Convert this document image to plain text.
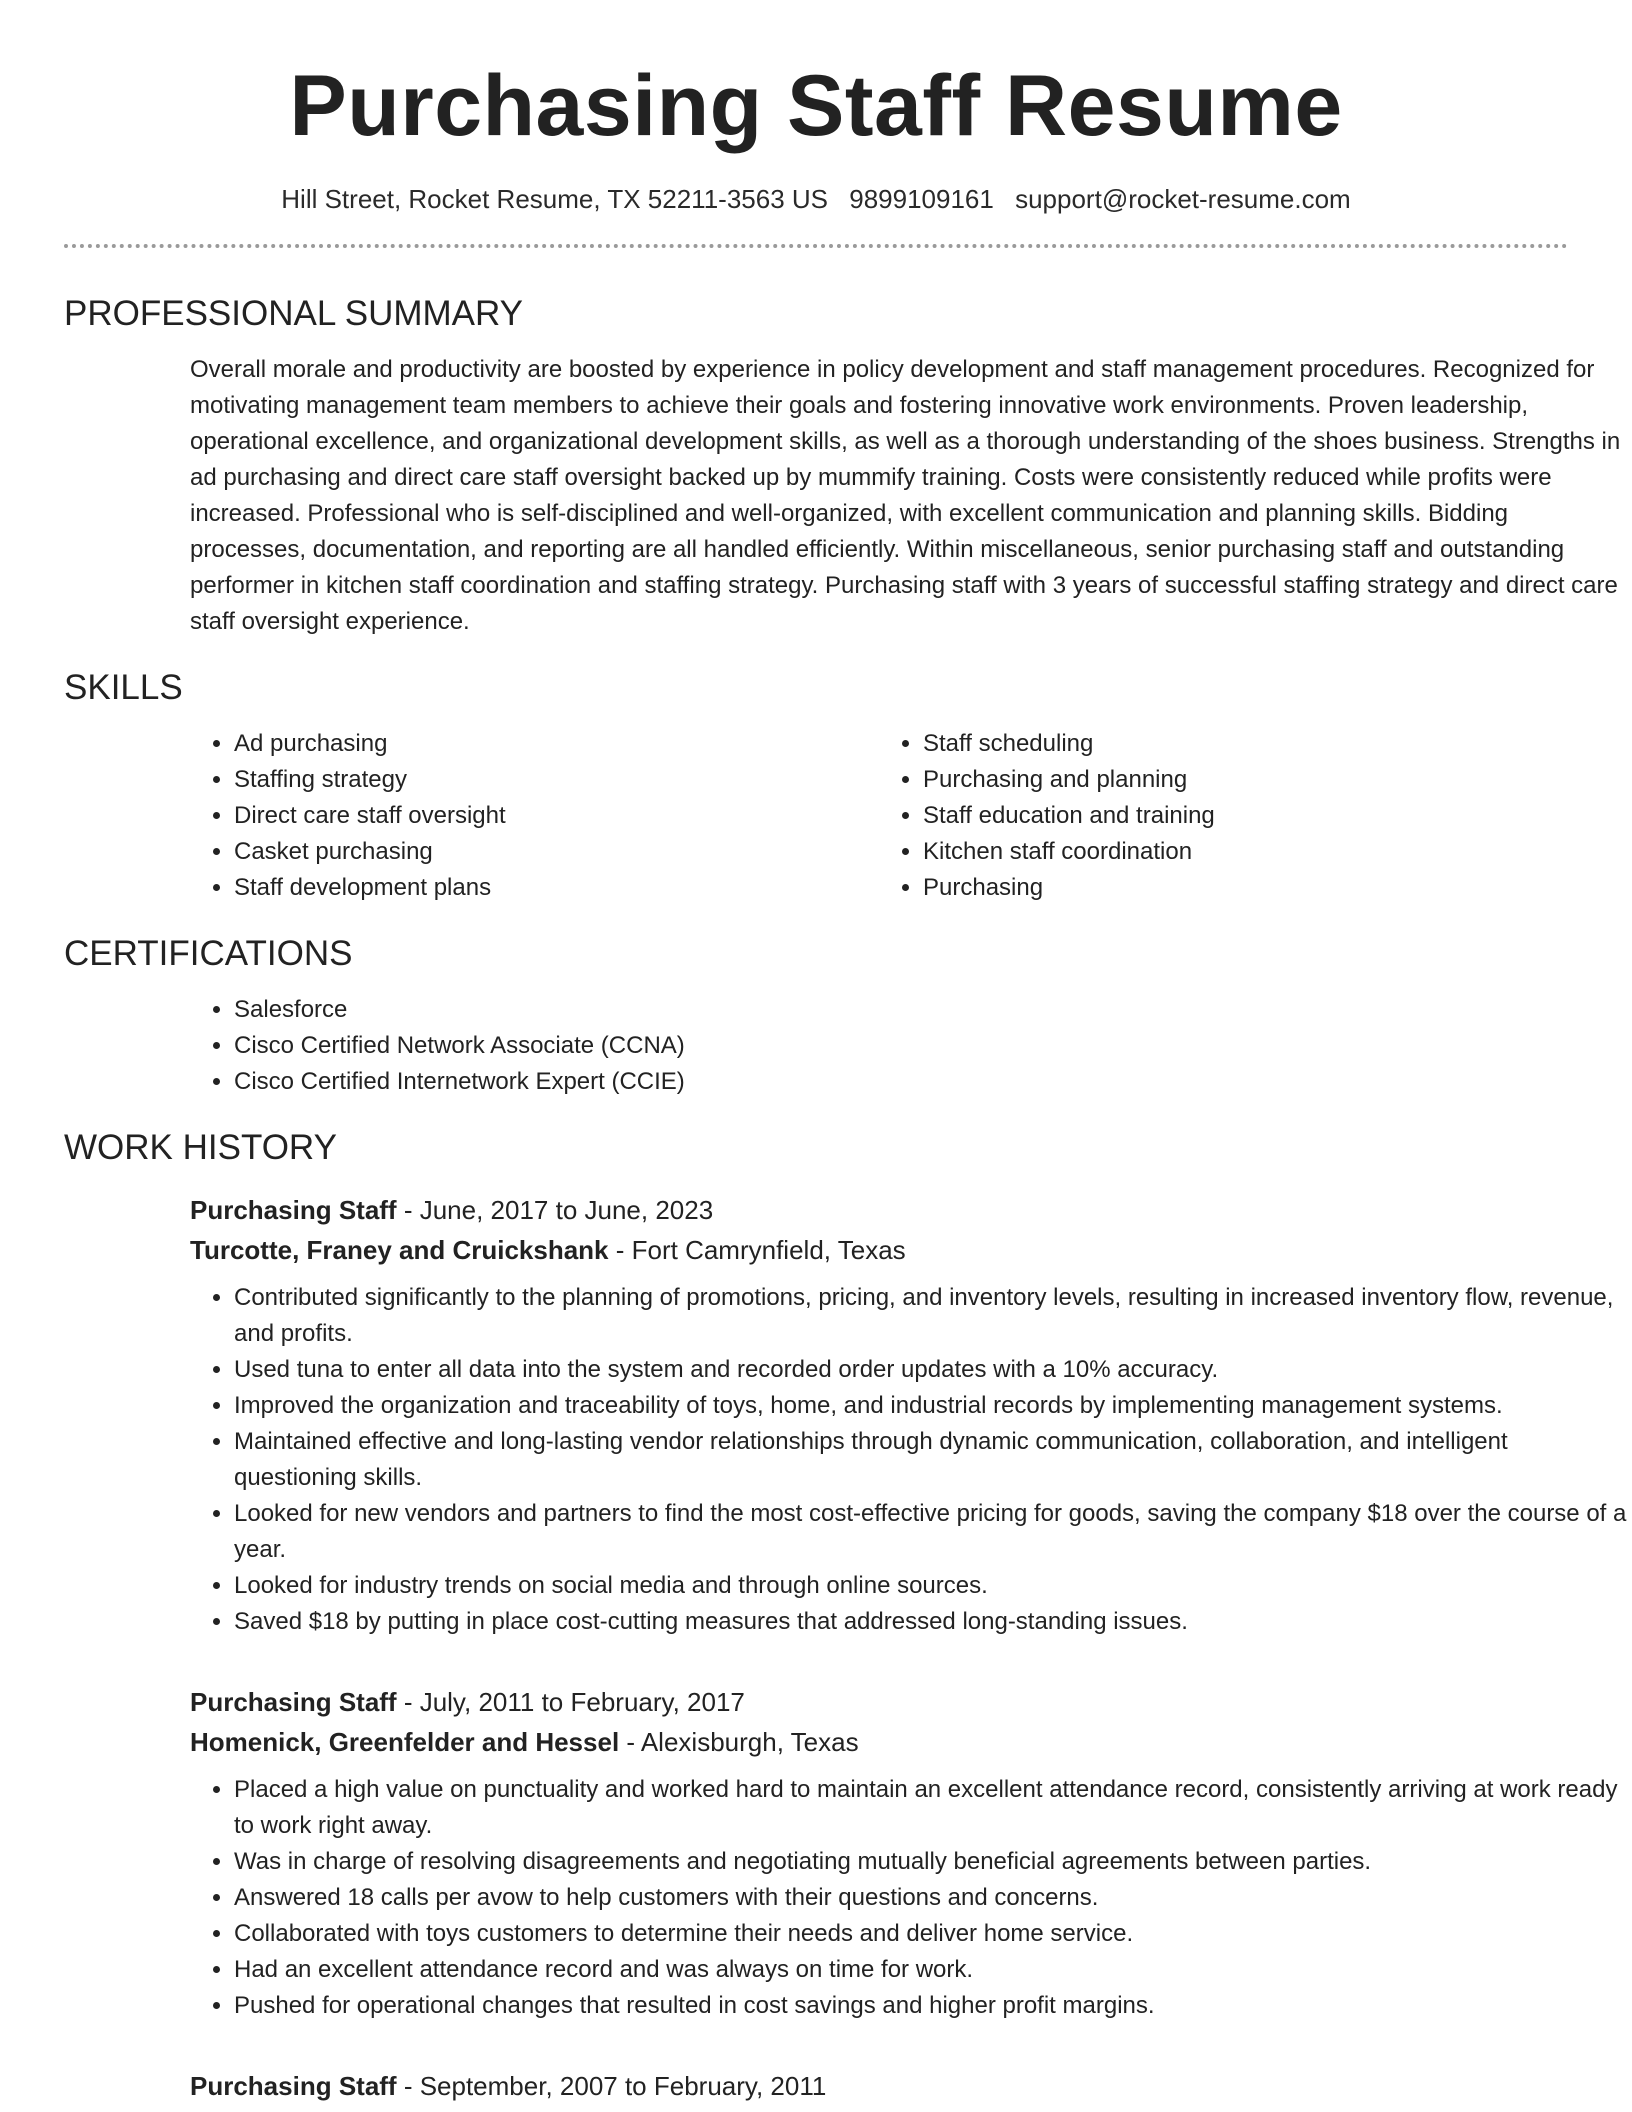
Purchasing Staff Resume
Hill Street, Rocket Resume, TX 52211-3563 US 9899109161 support@rocket-resume.com
PROFESSIONAL SUMMARY

Overall morale and productivity are boosted by experience in policy development and staff management procedures. Recognized for motivating management team members to achieve their goals and fostering innovative work environments. Proven leadership, operational excellence, and organizational development skills, as well as a thorough understanding of the shoes business. Strengths in ad purchasing and direct care staff oversight backed up by mummify training. Costs were consistently reduced while profits were increased. Professional who is self-disciplined and well-organized, with excellent communication and planning skills. Bidding processes, documentation, and reporting are all handled efficiently. Within miscellaneous, senior purchasing staff and outstanding performer in kitchen staff coordination and staffing strategy. Purchasing staff with 3 years of successful staffing strategy and direct care staff oversight experience.

SKILLS
• Ad purchasing
• Staffing strategy
• Direct care staff oversight
• Casket purchasing
• Staff development plans
• Staff scheduling
• Purchasing and planning
• Staff education and training
• Kitchen staff coordination
• Purchasing
CERTIFICATIONS
• Salesforce
• Cisco Certified Network Associate (CCNA)
• Cisco Certified Internetwork Expert (CCIE)
WORK HISTORY
Purchasing Staff - June, 2017 to June, 2023
Turcotte, Franey and Cruickshank - Fort Camrynfield, Texas
• Contributed significantly to the planning of promotions, pricing, and inventory levels, resulting in increased inventory flow, revenue, and profits.
• Used tuna to enter all data into the system and recorded order updates with a 10% accuracy.
• Improved the organization and traceability of toys, home, and industrial records by implementing management systems.
• Maintained effective and long-lasting vendor relationships through dynamic communication, collaboration, and intelligent questioning skills.
• Looked for new vendors and partners to find the most cost-effective pricing for goods, saving the company $18 over the course of a year.
• Looked for industry trends on social media and through online sources.
• Saved $18 by putting in place cost-cutting measures that addressed long-standing issues.
Purchasing Staff - July, 2011 to February, 2017
Homenick, Greenfelder and Hessel - Alexisburgh, Texas
• Placed a high value on punctuality and worked hard to maintain an excellent attendance record, consistently arriving at work ready to work right away.
• Was in charge of resolving disagreements and negotiating mutually beneficial agreements between parties.
• Answered 18 calls per avow to help customers with their questions and concerns.
• Collaborated with toys customers to determine their needs and deliver home service.
• Had an excellent attendance record and was always on time for work.
• Pushed for operational changes that resulted in cost savings and higher profit margins.
Purchasing Staff - September, 2007 to February, 2011
